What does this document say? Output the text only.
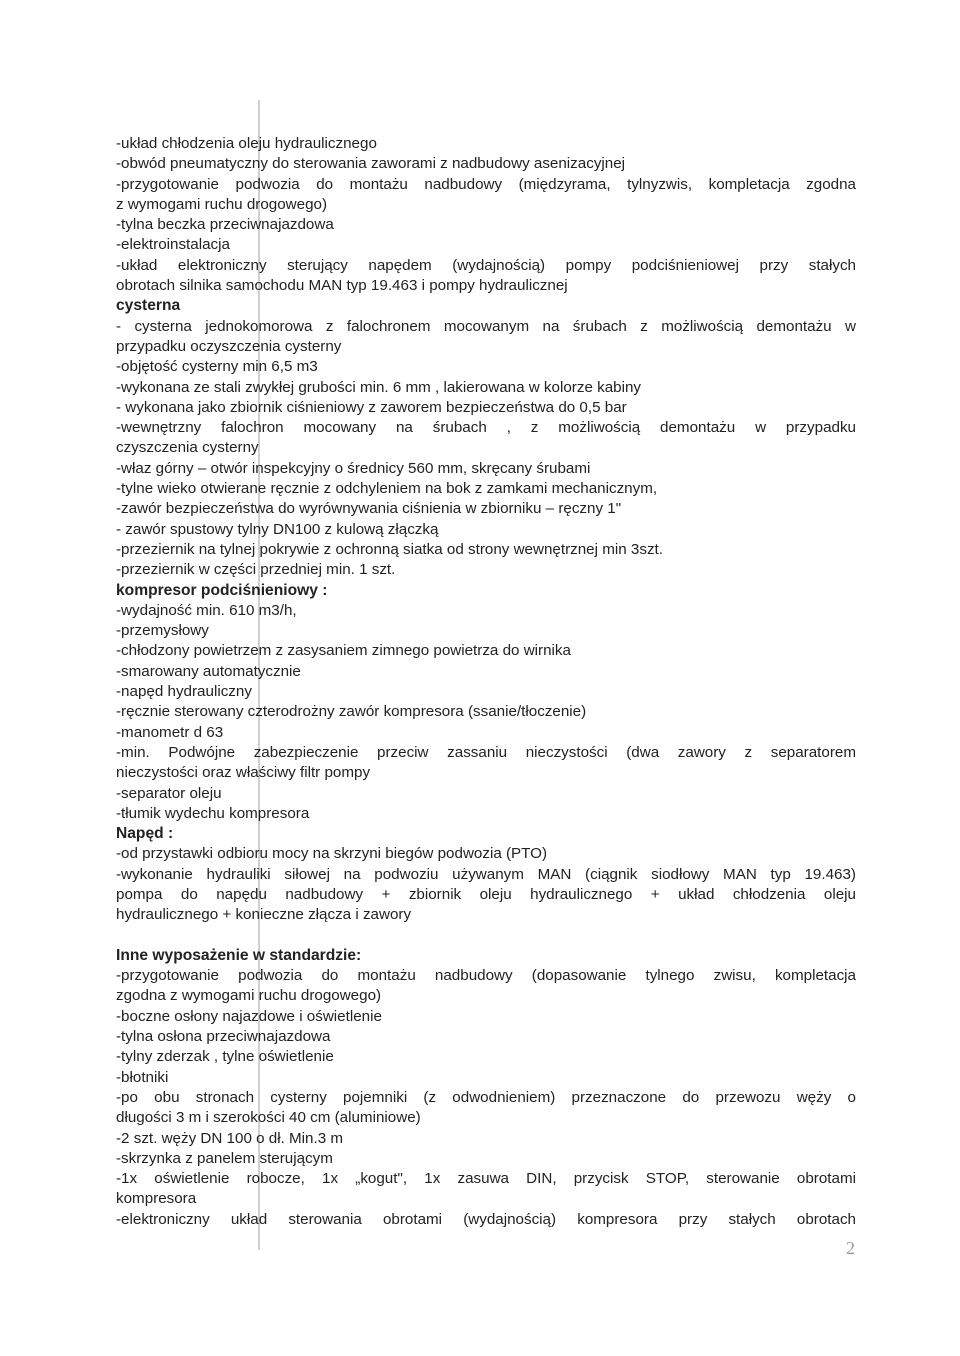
-układ chłodzenia oleju hydraulicznego
-obwód pneumatyczny do sterowania zaworami z nadbudowy asenizacyjnej
-przygotowanie podwozia do montażu nadbudowy (międzyrama, tylnyzwis, kompletacja zgodna
z wymogami ruchu drogowego)
-tylna beczka przeciwnajazdowa
-elektroinstalacja
-układ elektroniczny sterujący napędem (wydajnością) pompy podciśnieniowej przy stałych
obrotach silnika samochodu MAN typ 19.463 i pompy hydraulicznej
cysterna
- cysterna jednokomorowa z falochronem mocowanym na śrubach z możliwością demontażu w
przypadku oczyszczenia cysterny
-objętość cysterny min 6,5 m3
-wykonana ze stali zwykłej grubości min. 6 mm , lakierowana w kolorze kabiny
- wykonana jako zbiornik ciśnieniowy z zaworem bezpieczeństwa do 0,5 bar
-wewnętrzny falochron mocowany na śrubach , z możliwością demontażu w przypadku
czyszczenia cysterny
-właz górny – otwór inspekcyjny o średnicy 560 mm, skręcany śrubami
-tylne wieko otwierane ręcznie z odchyleniem na bok z zamkami mechanicznym,
-zawór bezpieczeństwa do wyrównywania ciśnienia w zbiorniku – ręczny 1"
- zawór spustowy tylny DN100 z kulową złączką
-przeziernik na tylnej pokrywie z ochronną siatka od strony wewnętrznej min 3szt.
-przeziernik w części przedniej min. 1 szt.
kompresor podciśnieniowy :
-wydajność min. 610 m3/h,
-przemysłowy
-chłodzony powietrzem z zasysaniem zimnego powietrza do wirnika
-smarowany automatycznie
-napęd hydrauliczny
-ręcznie sterowany czterodrożny zawór kompresora (ssanie/tłoczenie)
-manometr d 63
-min. Podwójne zabezpieczenie przeciw zassaniu nieczystości (dwa zawory z separatorem
nieczystości oraz właściwy filtr pompy
-separator oleju
-tłumik wydechu kompresora
Napęd :
-od przystawki odbioru mocy na skrzyni biegów podwozia (PTO)
-wykonanie hydrauliki siłowej na podwoziu używanym MAN (ciągnik siodłowy MAN typ 19.463)
pompa do napędu nadbudowy + zbiornik oleju hydraulicznego + układ chłodzenia oleju
hydraulicznego + konieczne złącza i zawory
Inne wyposażenie w standardzie:
-przygotowanie podwozia do montażu nadbudowy (dopasowanie tylnego zwisu, kompletacja
zgodna z wymogami ruchu drogowego)
-boczne osłony najazdowe i oświetlenie
-tylna osłona przeciwnajazdowa
-tylny zderzak , tylne oświetlenie
-błotniki
-po obu stronach cysterny pojemniki (z odwodnieniem) przeznaczone do przewozu węży o
długości 3 m i szerokości 40 cm (aluminiowe)
-2 szt. węży DN 100 o dł. Min.3 m
-skrzynka z panelem sterującym
-1x oświetlenie robocze, 1x „kogut", 1x zasuwa DIN, przycisk STOP, sterowanie obrotami
kompresora
-elektroniczny układ sterowania obrotami (wydajnością) kompresora przy stałych obrotach
2
